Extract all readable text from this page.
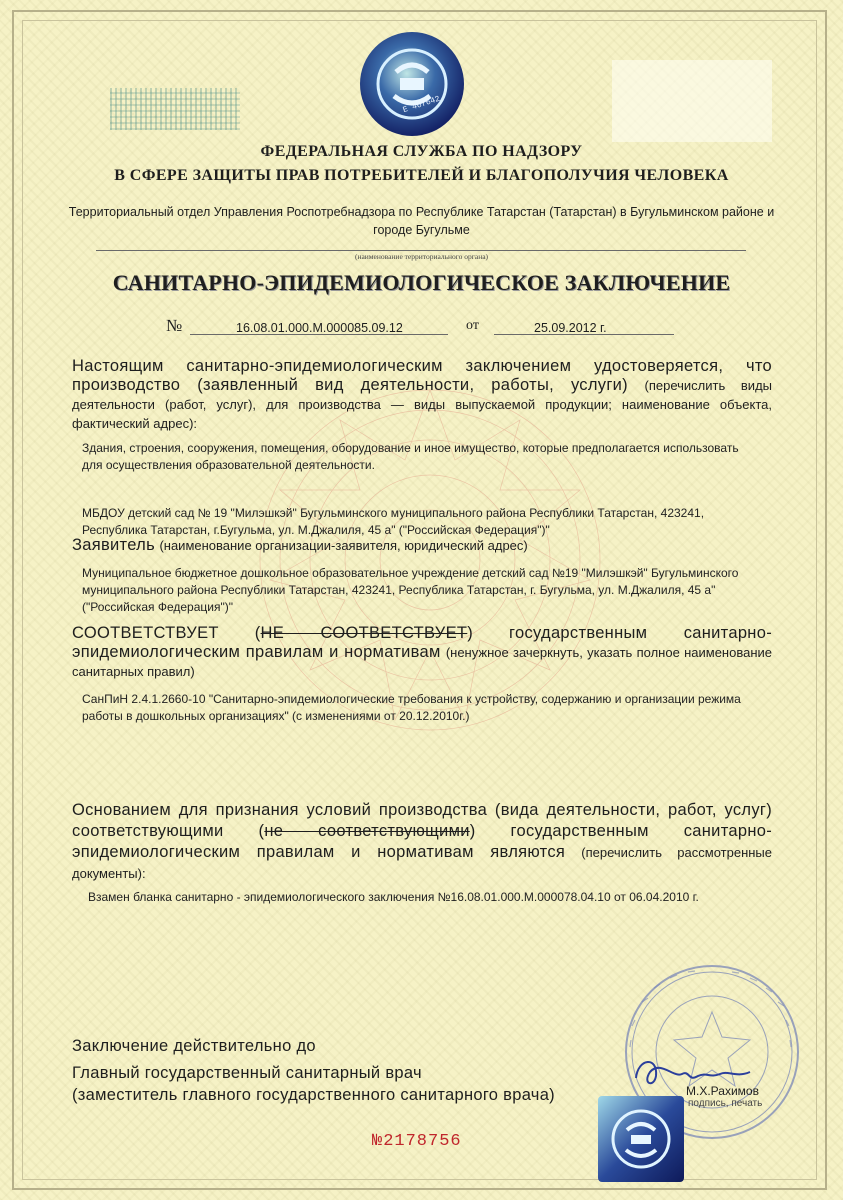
Е 467642
ФЕДЕРАЛЬНАЯ СЛУЖБА ПО НАДЗОРУ
В СФЕРЕ ЗАЩИТЫ ПРАВ ПОТРЕБИТЕЛЕЙ И БЛАГОПОЛУЧИЯ ЧЕЛОВЕКА
Территориальный отдел Управления Роспотребнадзора по Республике Татарстан (Татарстан) в Бугульминском районе и
городе Бугульме
(наименование территориального органа)
САНИТАРНО-ЭПИДЕМИОЛОГИЧЕСКОЕ ЗАКЛЮЧЕНИЕ
№	16.08.01.000.М.000085.09.12	от	25.09.2012 г.
Настоящим санитарно-эпидемиологическим заключением удостоверяется, что производство (заявленный вид деятельности, работы, услуги) (перечислить виды деятельности (работ, услуг), для производства — виды выпускаемой продукции; наименование объекта, фактический адрес):
Здания, строения, сооружения, помещения, оборудование и иное имущество, которые предполагается использовать для осуществления образовательной деятельности.
МБДОУ детский сад № 19 "Милэшкэй" Бугульминского муниципального района Республики Татарстан, 423241, Республика Татарстан, г.Бугульма, ул. М.Джалиля, 45 а" ("Российская Федерация")"
Заявитель (наименование организации-заявителя, юридический адрес)
Муниципальное бюджетное дошкольное образовательное учреждение детский сад №19 "Милэшкэй" Бугульминского муниципального района Республики Татарстан, 423241, Республика Татарстан, г. Бугульма, ул. М.Джалиля, 45 а" ("Российская Федерация")"
СООТВЕТСТВУЕТ (НЕ СООТВЕТСТВУЕТ) государственным санитарно-эпидемиологическим правилам и нормативам (ненужное зачеркнуть, указать полное наименование санитарных правил)
СанПиН 2.4.1.2660-10 "Санитарно-эпидемиологические требования к устройству, содержанию и организации режима работы в дошкольных организациях" (с изменениями от 20.12.2010г.)
Основанием для признания условий производства (вида деятельности, работ, услуг) соответствующими (не соответствующими) государственным санитарно-эпидемиологическим правилам и нормативам являются (перечислить рассмотренные документы):
Взамен бланка санитарно - эпидемиологического заключения №16.08.01.000.М.000078.04.10 от 06.04.2010 г.
Заключение действительно до
Главный государственный санитарный врач
(заместитель главного государственного санитарного врача)	М.Х.Рахимов
подпись, печать
№2178756
